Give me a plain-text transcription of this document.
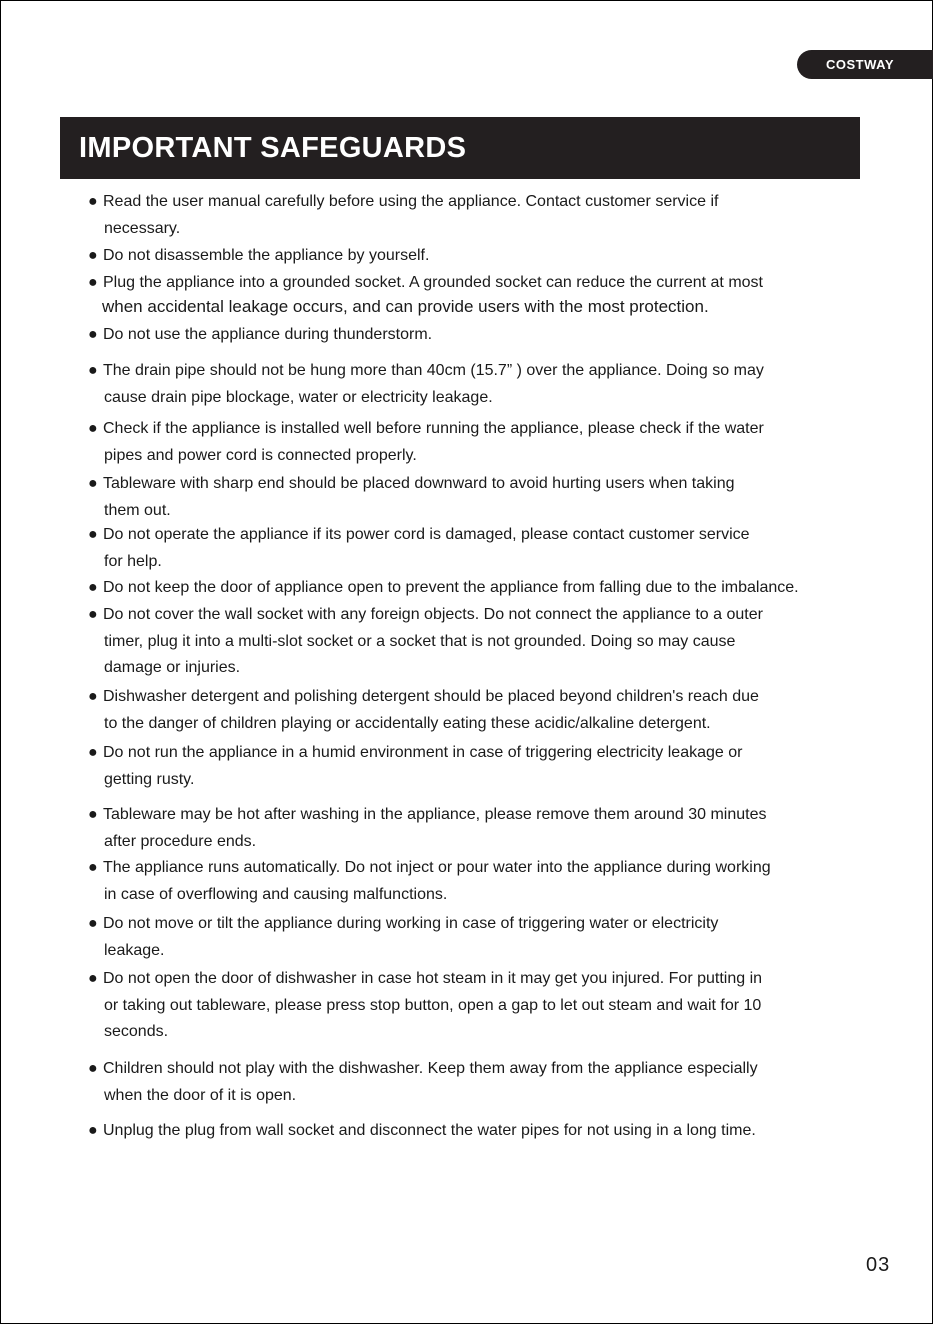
COSTWAY
IMPORTANT SAFEGUARDS
● Read the user manual carefully before using the appliance. Contact customer service if
necessary.
● Do not disassemble the appliance by yourself.
● Plug the appliance into a grounded socket. A grounded socket can reduce the current at most
when accidental leakage occurs, and can provide users with the most protection.
● Do not use the appliance during thunderstorm.
● The drain pipe should not be hung more than 40cm (15.7” ) over the appliance. Doing so may
cause drain pipe blockage, water or electricity leakage.
● Check if the appliance is installed well before running the appliance, please check if the water
pipes and power cord is connected properly.
● Tableware with sharp end should be placed downward to avoid hurting users when taking
them out.
● Do not operate the appliance if its power cord is damaged, please contact customer service
for help.
● Do not keep the door of appliance open to prevent the appliance from falling due to the imbalance.
● Do not cover the wall socket with any foreign objects. Do not connect the appliance to a outer
timer, plug it into a multi-slot socket or a socket that is not grounded. Doing so may cause
damage or injuries.
● Dishwasher detergent and polishing detergent should be placed beyond children's reach due
to the danger of children playing or accidentally eating these acidic/alkaline detergent.
● Do not run the appliance in a humid environment in case of triggering electricity leakage or
getting rusty.
● Tableware may be hot after washing in the appliance, please remove them around 30 minutes
after procedure ends.
● The appliance runs automatically. Do not inject or pour water into the appliance during working
in case of overflowing and causing malfunctions.
● Do not move or tilt the appliance during working in case of triggering water or electricity
leakage.
● Do not open the door of dishwasher in case hot steam in it may get you injured. For putting in
or taking out tableware, please press stop button, open a gap to let out steam and wait for 10
seconds.
● Children should not play with the dishwasher. Keep them away from the appliance especially
when the door of it is open.
● Unplug the plug from wall socket and disconnect the water pipes for not using in a long time.
03
